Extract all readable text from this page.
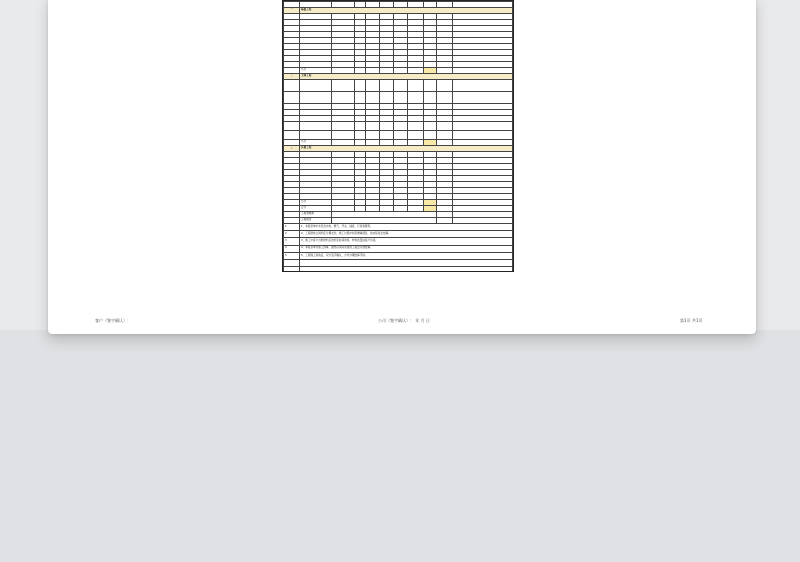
一	基础工程									

	小计									
二	主体工程									

	小计									
三	其他工程									

	小计									
	合计									
	工程管理费									
	工程税金									
1	1、本报价单中未包含水电、燃气、开关、插座、灯具等费用。									
2	2、工程款按合同约定分期支付，施工过程中如有增减项目，按实际发生结算。									
3	3、施工中客户自购材料应按约定时间进场，材料质量由客户负责。									
4	4、本报价单为施工预算，最终以实际完成的工程量为准结算。									
5	5、工程竣工验收后，双方签字确认，方可办理结算手续。									

客户（签字确认）：	公司（签字确认）： 年 月 日	第1页 共1页
